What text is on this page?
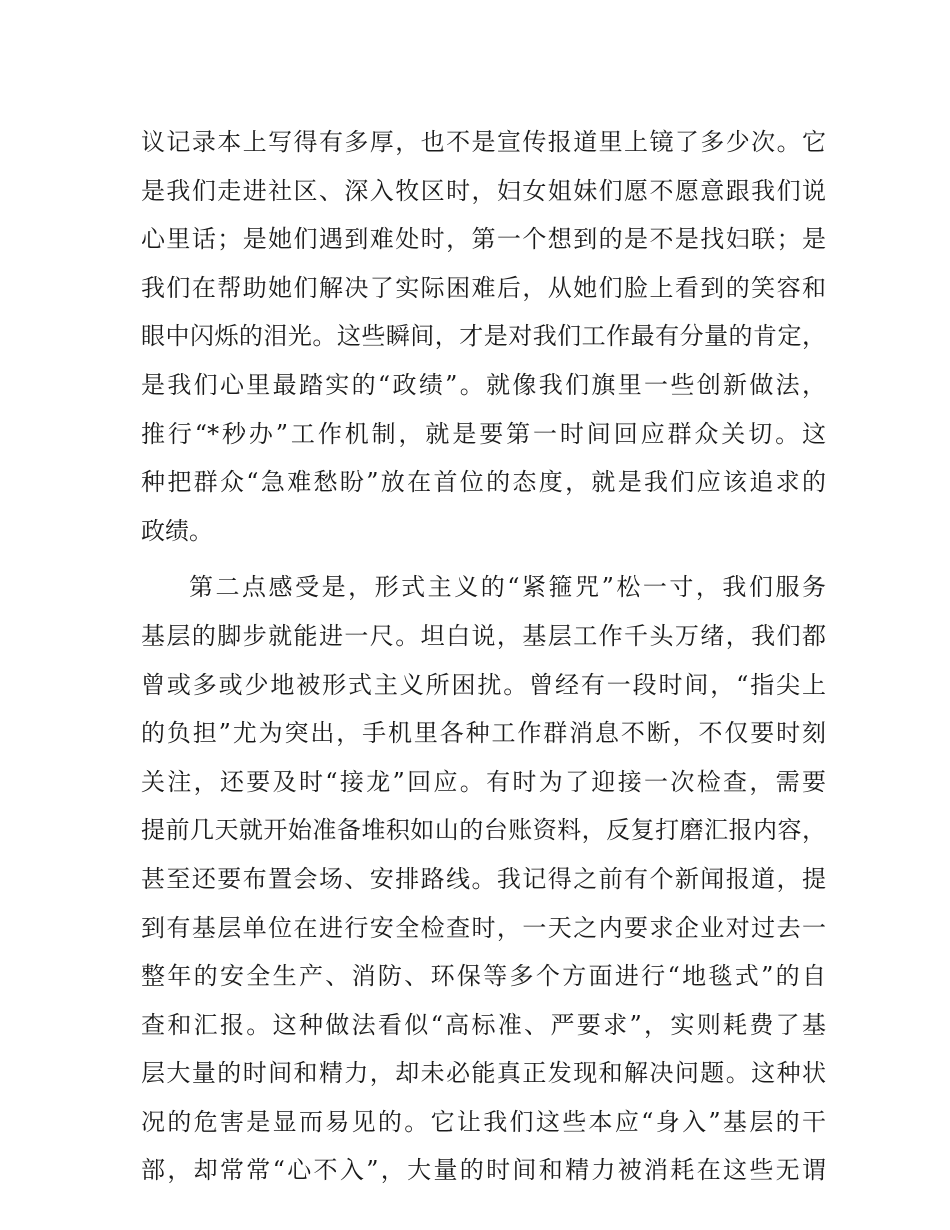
议记录本上写得有多厚，也不是宣传报道里上镜了多少次。它
是我们走进社区、深入牧区时，妇女姐妹们愿不愿意跟我们说
心里话；是她们遇到难处时，第一个想到的是不是找妇联；是
我们在帮助她们解决了实际困难后，从她们脸上看到的笑容和
眼中闪烁的泪光。这些瞬间，才是对我们工作最有分量的肯定，
是我们心里最踏实的“政绩”。就像我们旗里一些创新做法，
推行“*秒办”工作机制，就是要第一时间回应群众关切。这
种把群众“急难愁盼”放在首位的态度，就是我们应该追求的
政绩。
第二点感受是，形式主义的“紧箍咒”松一寸，我们服务
基层的脚步就能进一尺。坦白说，基层工作千头万绪，我们都
曾或多或少地被形式主义所困扰。曾经有一段时间，“指尖上
的负担”尤为突出，手机里各种工作群消息不断，不仅要时刻
关注，还要及时“接龙”回应。有时为了迎接一次检查，需要
提前几天就开始准备堆积如山的台账资料，反复打磨汇报内容，
甚至还要布置会场、安排路线。我记得之前有个新闻报道，提
到有基层单位在进行安全检查时，一天之内要求企业对过去一
整年的安全生产、消防、环保等多个方面进行“地毯式”的自
查和汇报。这种做法看似“高标准、严要求”，实则耗费了基
层大量的时间和精力，却未必能真正发现和解决问题。这种状
况的危害是显而易见的。它让我们这些本应“身入”基层的干
部，却常常“心不入”，大量的时间和精力被消耗在这些无谓
